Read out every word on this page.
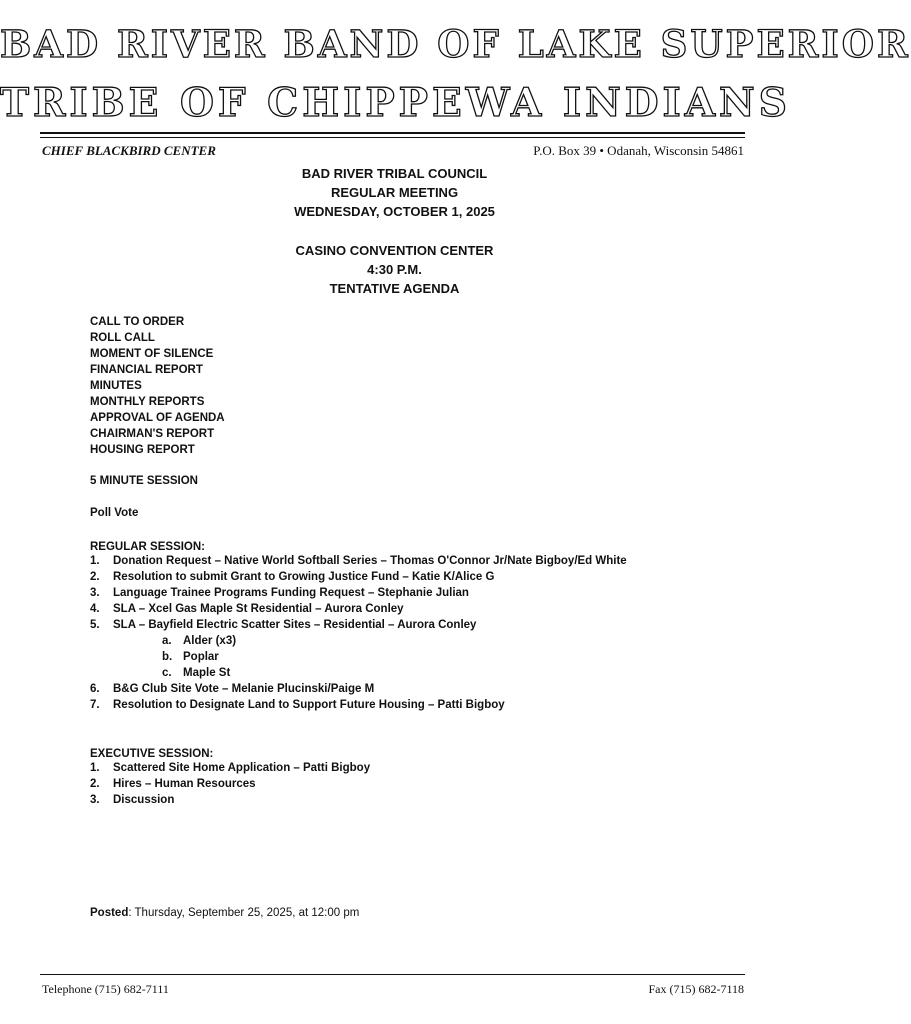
BAD RIVER BAND OF LAKE SUPERIOR
TRIBE OF CHIPPEWA INDIANS
CHIEF BLACKBIRD CENTER	P.O. Box 39 • Odanah, Wisconsin 54861
BAD RIVER TRIBAL COUNCIL
REGULAR MEETING
WEDNESDAY, OCTOBER 1, 2025
CASINO CONVENTION CENTER
4:30 P.M.
TENTATIVE AGENDA
CALL TO ORDER
ROLL CALL
MOMENT OF SILENCE
FINANCIAL REPORT
MINUTES
MONTHLY REPORTS
APPROVAL OF AGENDA
CHAIRMAN'S REPORT
HOUSING REPORT
5 MINUTE SESSION
Poll Vote
REGULAR SESSION:
1. Donation Request – Native World Softball Series – Thomas O'Connor Jr/Nate Bigboy/Ed White
2. Resolution to submit Grant to Growing Justice Fund – Katie K/Alice G
3. Language Trainee Programs Funding Request – Stephanie Julian
4. SLA – Xcel Gas Maple St Residential – Aurora Conley
5. SLA – Bayfield Electric Scatter Sites – Residential – Aurora Conley
a. Alder (x3)
b. Poplar
c. Maple St
6. B&G Club Site Vote – Melanie Plucinski/Paige M
7. Resolution to Designate Land to Support Future Housing – Patti Bigboy
EXECUTIVE SESSION:
1. Scattered Site Home Application – Patti Bigboy
2. Hires – Human Resources
3. Discussion
Posted: Thursday, September 25, 2025, at 12:00 pm
Telephone (715) 682-7111	Fax (715) 682-7118
